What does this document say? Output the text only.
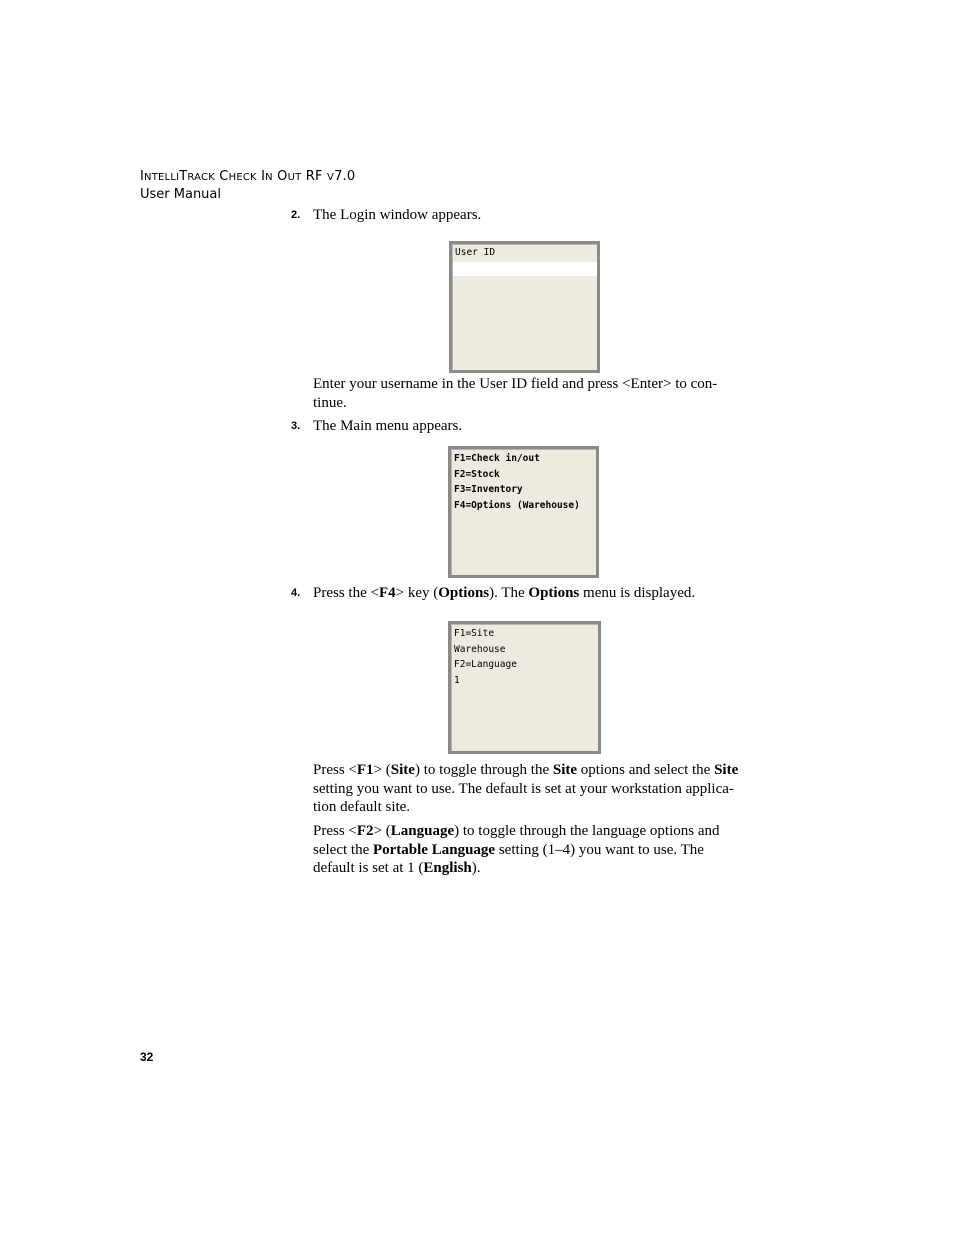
INTELLITRACK CHECK IN OUT RF V7.0
User Manual
2. The Login window appears.
User ID
Enter your username in the User ID field and press <Enter> to con-
tinue.
3. The Main menu appears.
F1=Check in/out
F2=Stock
F3=Inventory
F4=Options (Warehouse)
4. Press the <F4> key (Options). The Options menu is displayed.
F1=Site
Warehouse
F2=Language
1
Press <F1> (Site) to toggle through the Site options and select the Site
setting you want to use. The default is set at your workstation applica-
tion default site.
Press <F2> (Language) to toggle through the language options and
select the Portable Language setting (1–4) you want to use. The
default is set at 1 (English).
32
